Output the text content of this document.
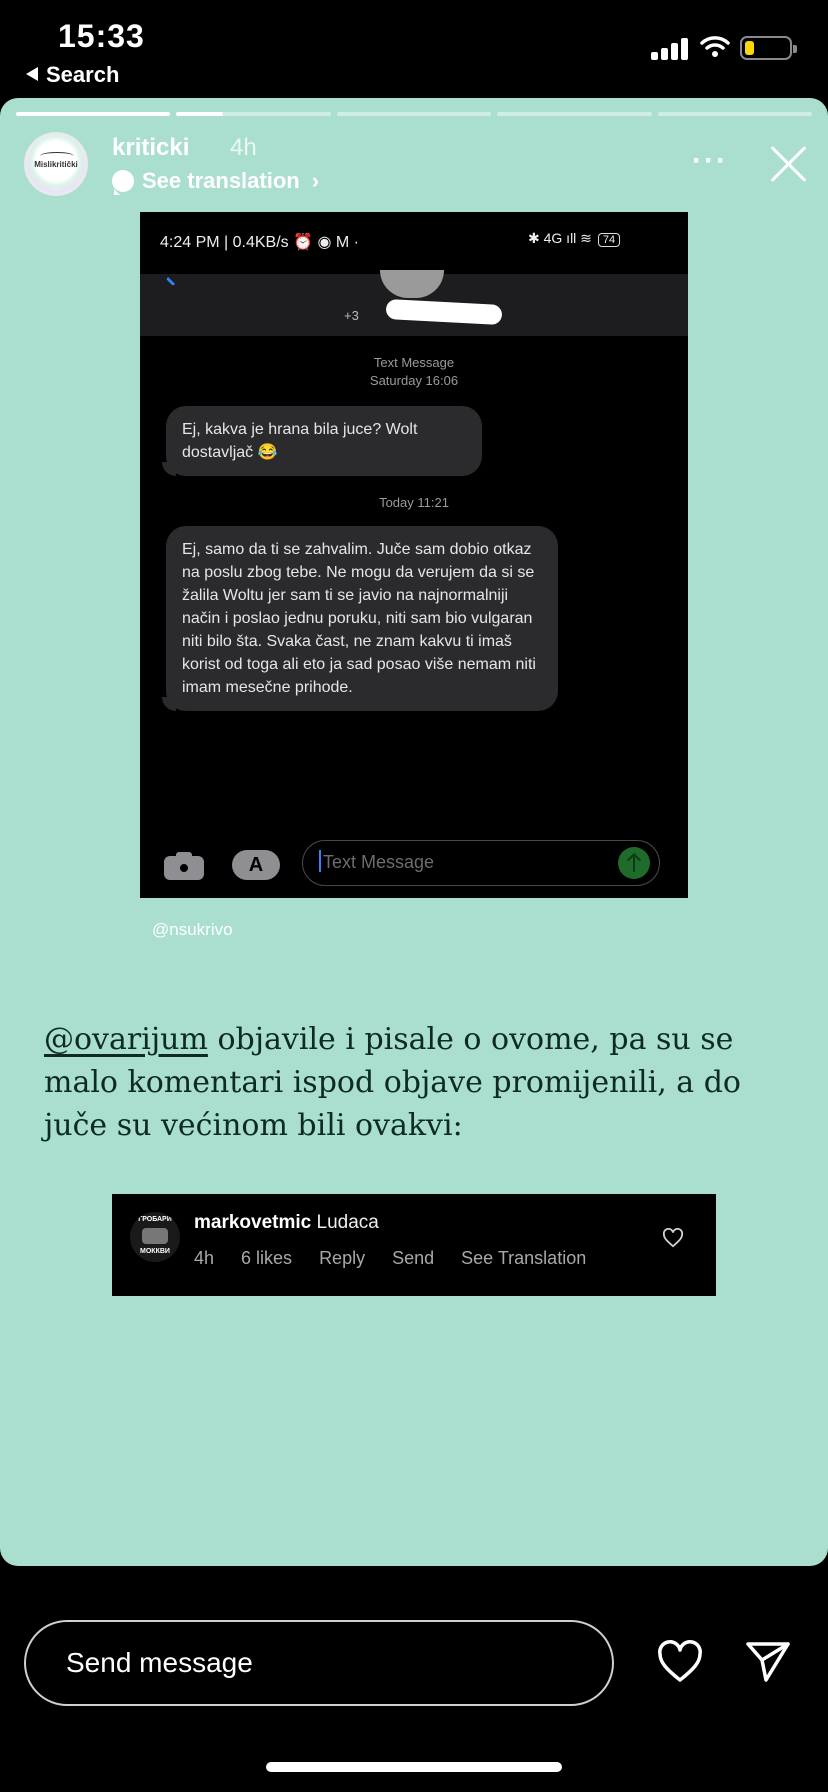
15:33
Search
Mislikritički
kriticki 4h
See translation ›
···
4:24 PM | 0.4KB/s ⏰ ◉ M ·	✱ 4G ıll ≋ 74
+3
Text Message
Saturday 16:06
Ej, kakva je hrana bila juce? Wolt dostavljač 😂
Today 11:21
Ej, samo da ti se zahvalim. Juče sam dobio otkaz na poslu zbog tebe. Ne mogu da verujem da si se žalila Woltu jer sam ti se javio na najnormalniji način i poslao jednu poruku, niti sam bio vulgaran niti bilo šta. Svaka čast, ne znam kakvu ti imaš korist od toga ali eto ja sad posao više nemam niti imam mesečne prihode.
A	Text Message
@nsukrivo
@ovarijum objavile i pisale o ovome, pa su se malo komentari ispod objave promijenili, a do juče su većinom bili ovakvi:
ГРОБАРИ
МОККВИ
markovetmic Ludaca
4h 6 likes Reply Send See Translation
Send message
